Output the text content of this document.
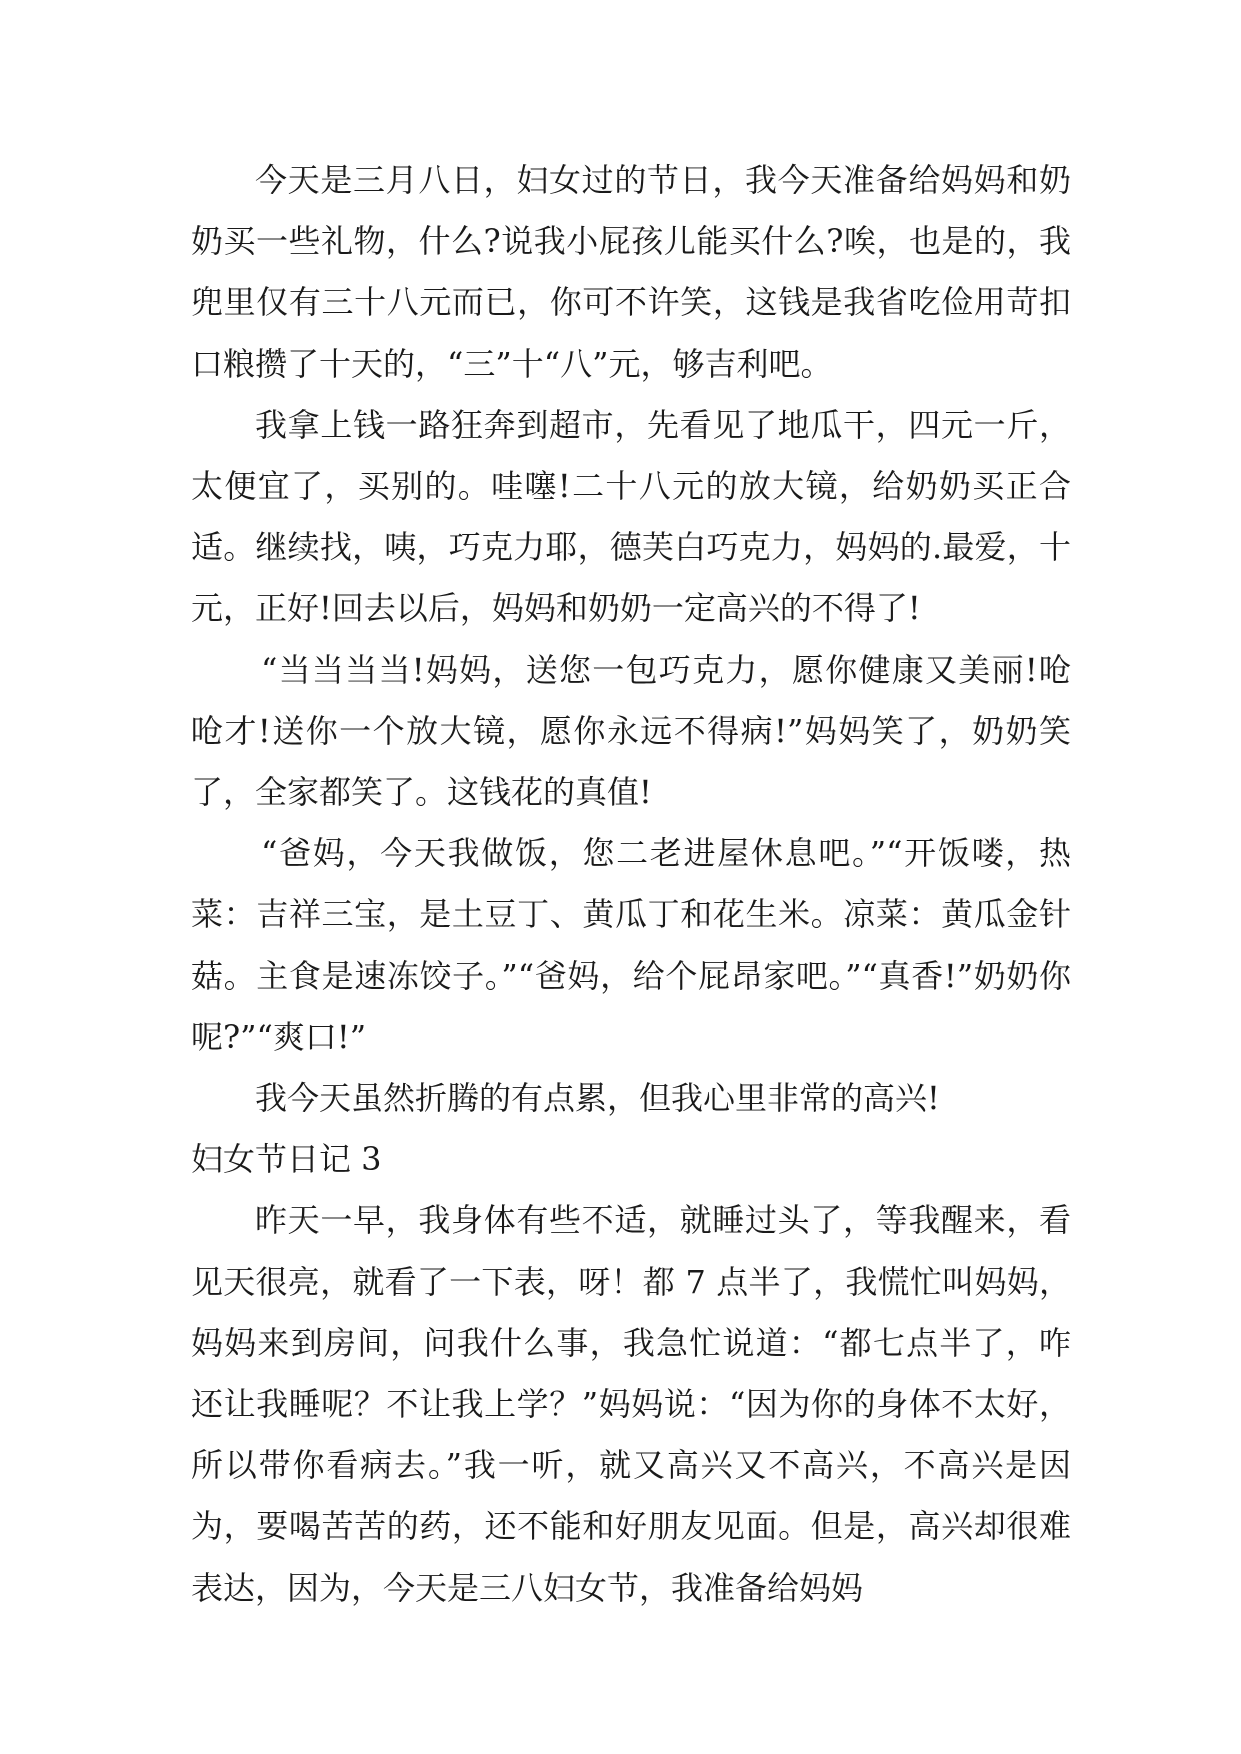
今天是三月八日，妇女过的节日，我今天准备给妈妈和奶奶买一些礼物，什么?说我小屁孩儿能买什么?唉，也是的，我兜里仅有三十八元而已，你可不许笑，这钱是我省吃俭用苛扣口粮攒了十天的，“三”十“八”元，够吉利吧。

我拿上钱一路狂奔到超市，先看见了地瓜干，四元一斤，太便宜了，买别的。哇噻!二十八元的放大镜，给奶奶买正合适。继续找，咦，巧克力耶，德芙白巧克力，妈妈的.最爱，十元，正好!回去以后，妈妈和奶奶一定高兴的不得了!

“当当当当!妈妈，送您一包巧克力，愿你健康又美丽!呛呛才!送你一个放大镜，愿你永远不得病!”妈妈笑了，奶奶笑了，全家都笑了。这钱花的真值!

“爸妈，今天我做饭，您二老进屋休息吧。”“开饭喽，热菜：吉祥三宝，是土豆丁、黄瓜丁和花生米。凉菜：黄瓜金针菇。主食是速冻饺子。”“爸妈，给个屁昂家吧。”“真香!”奶奶你呢?”“爽口!”

我今天虽然折腾的有点累，但我心里非常的高兴!

妇女节日记 3

昨天一早，我身体有些不适，就睡过头了，等我醒来，看见天很亮，就看了一下表，呀！都 7 点半了，我慌忙叫妈妈，妈妈来到房间，问我什么事，我急忙说道：“都七点半了，咋还让我睡呢？不让我上学？”妈妈说：“因为你的身体不太好，所以带你看病去。”我一听，就又高兴又不高兴，不高兴是因为，要喝苦苦的药，还不能和好朋友见面。但是，高兴却很难表达，因为，今天是三八妇女节，我准备给妈妈
